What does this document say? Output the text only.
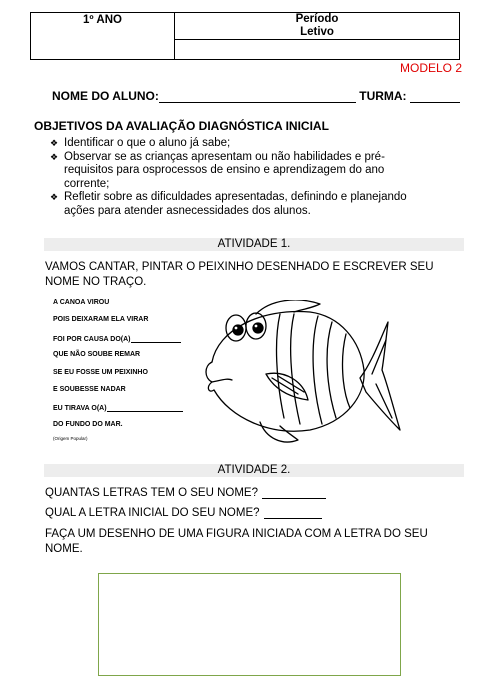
1º ANO	Período
Letivo
MODELO 2
NOME DO ALUNO:	TURMA:
OBJETIVOS DA AVALIAÇÃO DIAGNÓSTICA INICIAL
❖ Identificar o que o aluno já sabe;
❖ Observar se as crianças apresentam ou não habilidades e pré-
requisitos para osprocessos de ensino e aprendizagem do ano
corrente;
❖ Refletir sobre as dificuldades apresentadas, definindo e planejando
ações para atender asnecessidades dos alunos.
ATIVIDADE 1.
VAMOS CANTAR, PINTAR O PEIXINHO DESENHADO E ESCREVER SEU
NOME NO TRAÇO.
A CANOA VIROU
POIS DEIXARAM ELA VIRAR
FOI POR CAUSA DO(A)
QUE NÃO SOUBE REMAR
SE EU FOSSE UM PEIXINHO
E SOUBESSE NADAR
EU TIRAVA O(A)
DO FUNDO DO MAR.
(Origem Popular)
ATIVIDADE 2.
QUANTAS LETRAS TEM O SEU NOME?
QUAL A LETRA INICIAL DO SEU NOME?
FAÇA UM DESENHO DE UMA FIGURA INICIADA COM A LETRA DO SEU
NOME.
